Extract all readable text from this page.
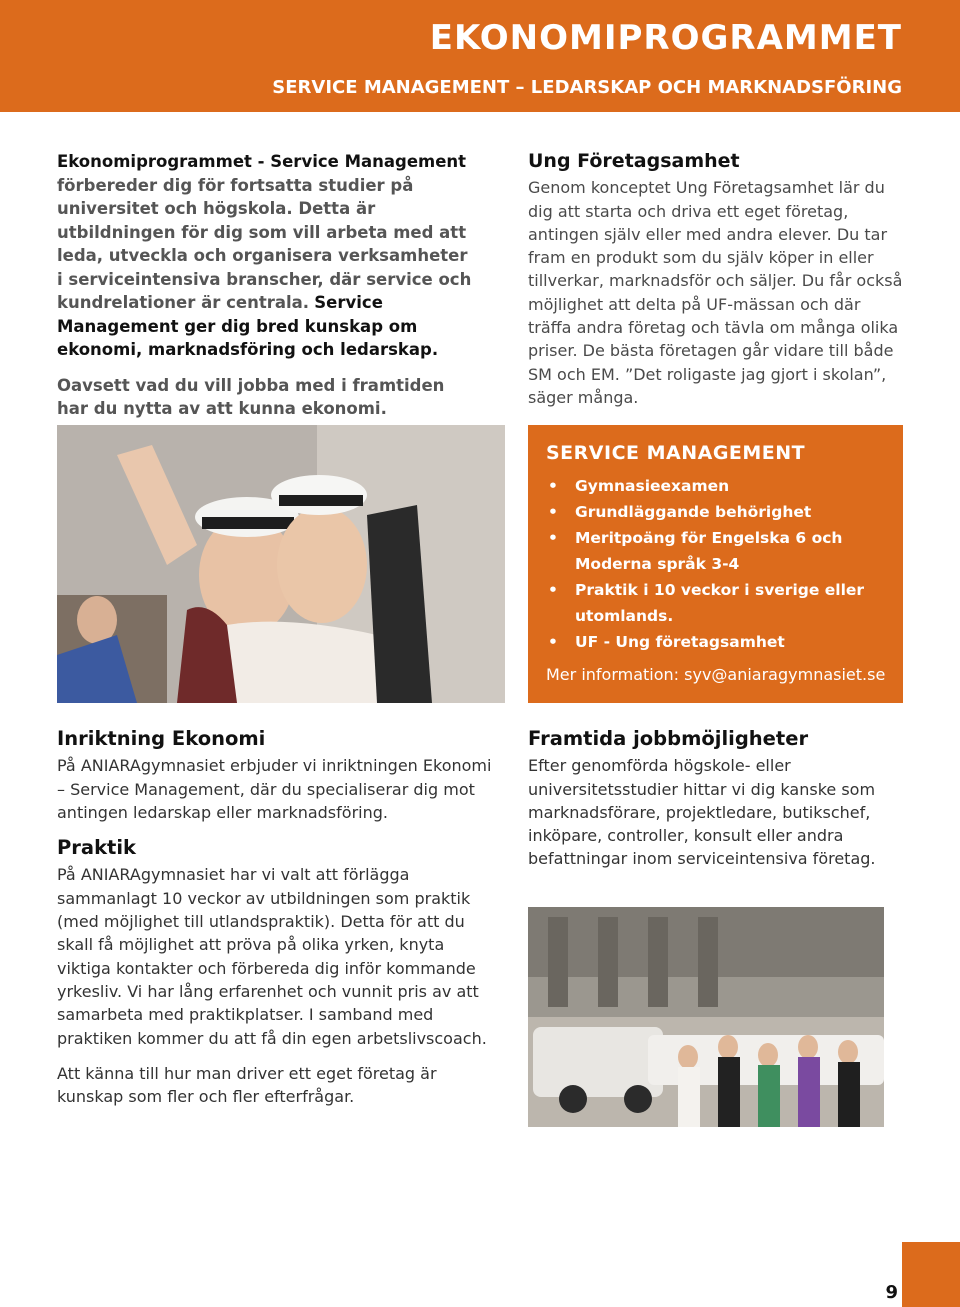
EKONOMIPROGRAMMET
SERVICE MANAGEMENT – LEDARSKAP OCH MARKNADSFÖRING

Ekonomiprogrammet - Service Management
förbereder dig för fortsatta studier på universitet och högskola. Detta är utbildningen för dig som vill arbeta med att leda, utveckla och organisera verksamheter i serviceintensiva branscher, där service och kundrelationer är centrala. Service Management ger dig bred kunskap om ekonomi, marknadsföring och ledarskap.

Oavsett vad du vill jobba med i framtiden har du nytta av att kunna ekonomi.

Ung Företagsamhet

Genom konceptet Ung Företagsamhet lär du dig att starta och driva ett eget företag, antingen själv eller med andra elever. Du tar fram en produkt som du själv köper in eller tillverkar, marknadsför och säljer. Du får också möjlighet att delta på UF-mässan och där träffa andra företag och tävla om många olika priser. De bästa företagen går vidare till både SM och EM. ”Det roligaste jag gjort i skolan”, säger många.

SERVICE MANAGEMENT
• Gymnasieexamen
• Grundläggande behörighet
• Meritpoäng för Engelska 6 och Moderna språk 3-4
• Praktik i 10 veckor i sverige eller utomlands.
• UF - Ung företagsamhet
Mer information: syv@aniaragymnasiet.se
Inriktning Ekonomi

På ANIARAgymnasiet erbjuder vi inriktningen Ekonomi – Service Management, där du specialiserar dig mot antingen ledarskap eller marknadsföring.

Praktik

På ANIARAgymnasiet har vi valt att förlägga sammanlagt 10 veckor av utbildningen som praktik (med möjlighet till utlandspraktik). Detta för att du skall få möjlighet att pröva på olika yrken, knyta viktiga kontakter och förbereda dig inför kommande yrkesliv. Vi har lång erfarenhet och vunnit pris av att samarbeta med praktikplatser. I samband med praktiken kommer du att få din egen arbetslivscoach.

Att känna till hur man driver ett eget företag är kunskap som fler och fler efterfrågar.

Framtida jobbmöjligheter

Efter genomförda högskole- eller universitetsstudier hittar vi dig kanske som marknadsförare, projektledare, butikschef, inköpare, controller, konsult eller andra befattningar inom serviceintensiva företag.

9
